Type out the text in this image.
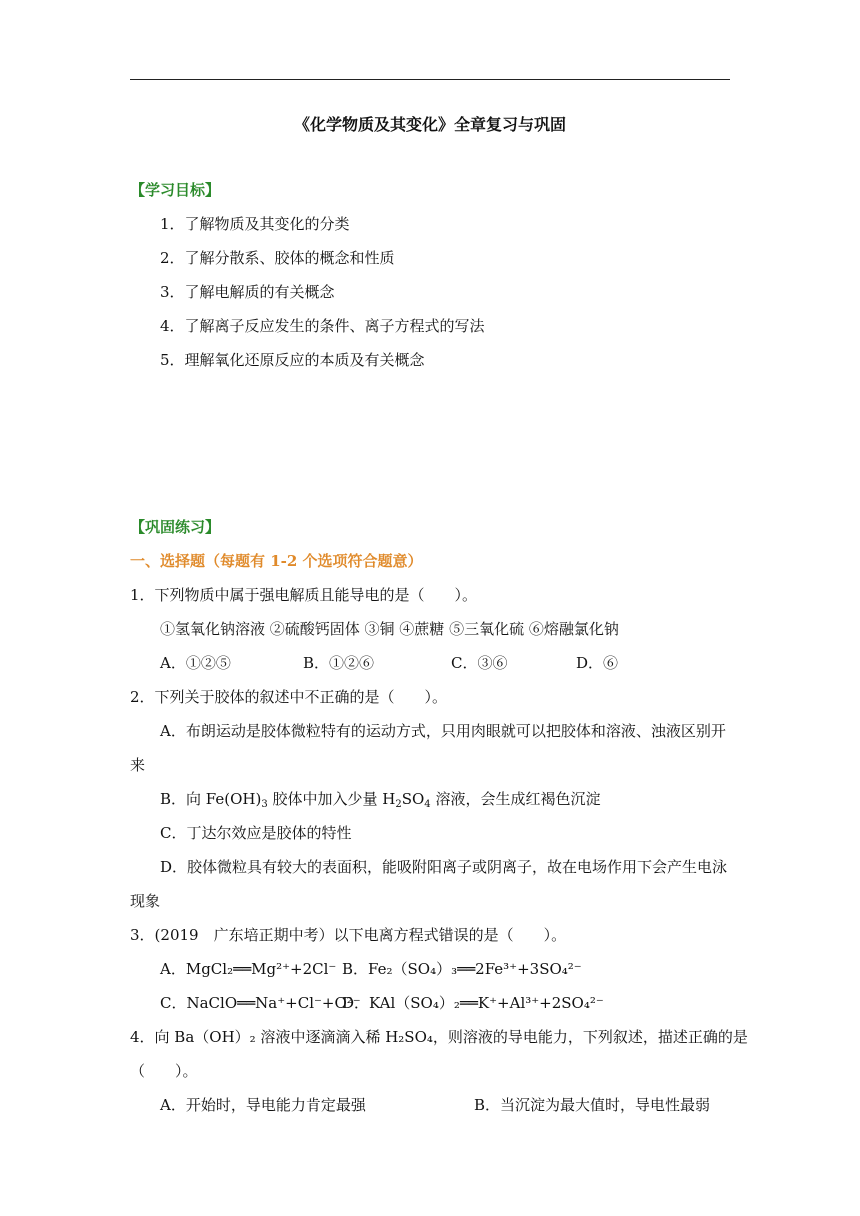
《化学物质及其变化》全章复习与巩固
【学习目标】
1．了解物质及其变化的分类
2．了解分散系、胶体的概念和性质
3．了解电解质的有关概念
4．了解离子反应发生的条件、离子方程式的写法
5．理解氧化还原反应的本质及有关概念
【巩固练习】
一、选择题（每题有 1-2 个选项符合题意）
1．下列物质中属于强电解质且能导电的是（　　）。
①氢氧化钠溶液 ②硫酸钙固体 ③铜 ④蔗糖 ⑤三氧化硫 ⑥熔融氯化钠
A．①②⑤	B．①②⑥	C．③⑥	D．⑥
2．下列关于胶体的叙述中不正确的是（　　）。
A．布朗运动是胶体微粒特有的运动方式，只用肉眼就可以把胶体和溶液、浊液区别开
来
B．向 $Fe(OH)_3$ 胶体中加入少量 $H_2SO_4$ 溶液，会生成红褐色沉淀
C．丁达尔效应是胶体的特性
D．胶体微粒具有较大的表面积，能吸附阳离子或阴离子，故在电场作用下会产生电泳
现象
3．(2019　广东培正期中考）以下电离方程式错误的是（　　）。
A．MgCl₂══Mg²⁺+2Cl⁻ B．Fe₂（SO₄）₃══2Fe³⁺+3SO₄²⁻
C．NaClO══Na⁺+Cl⁻+O²⁻
D．KAl（SO₄）₂══K⁺+Al³⁺+2SO₄²⁻
4．向 Ba（OH）₂ 溶液中逐滴滴入稀 H₂SO₄，则溶液的导电能力，下列叙述，描述正确的是
（　　）。
A．开始时，导电能力肯定最强	B．当沉淀为最大值时，导电性最弱
